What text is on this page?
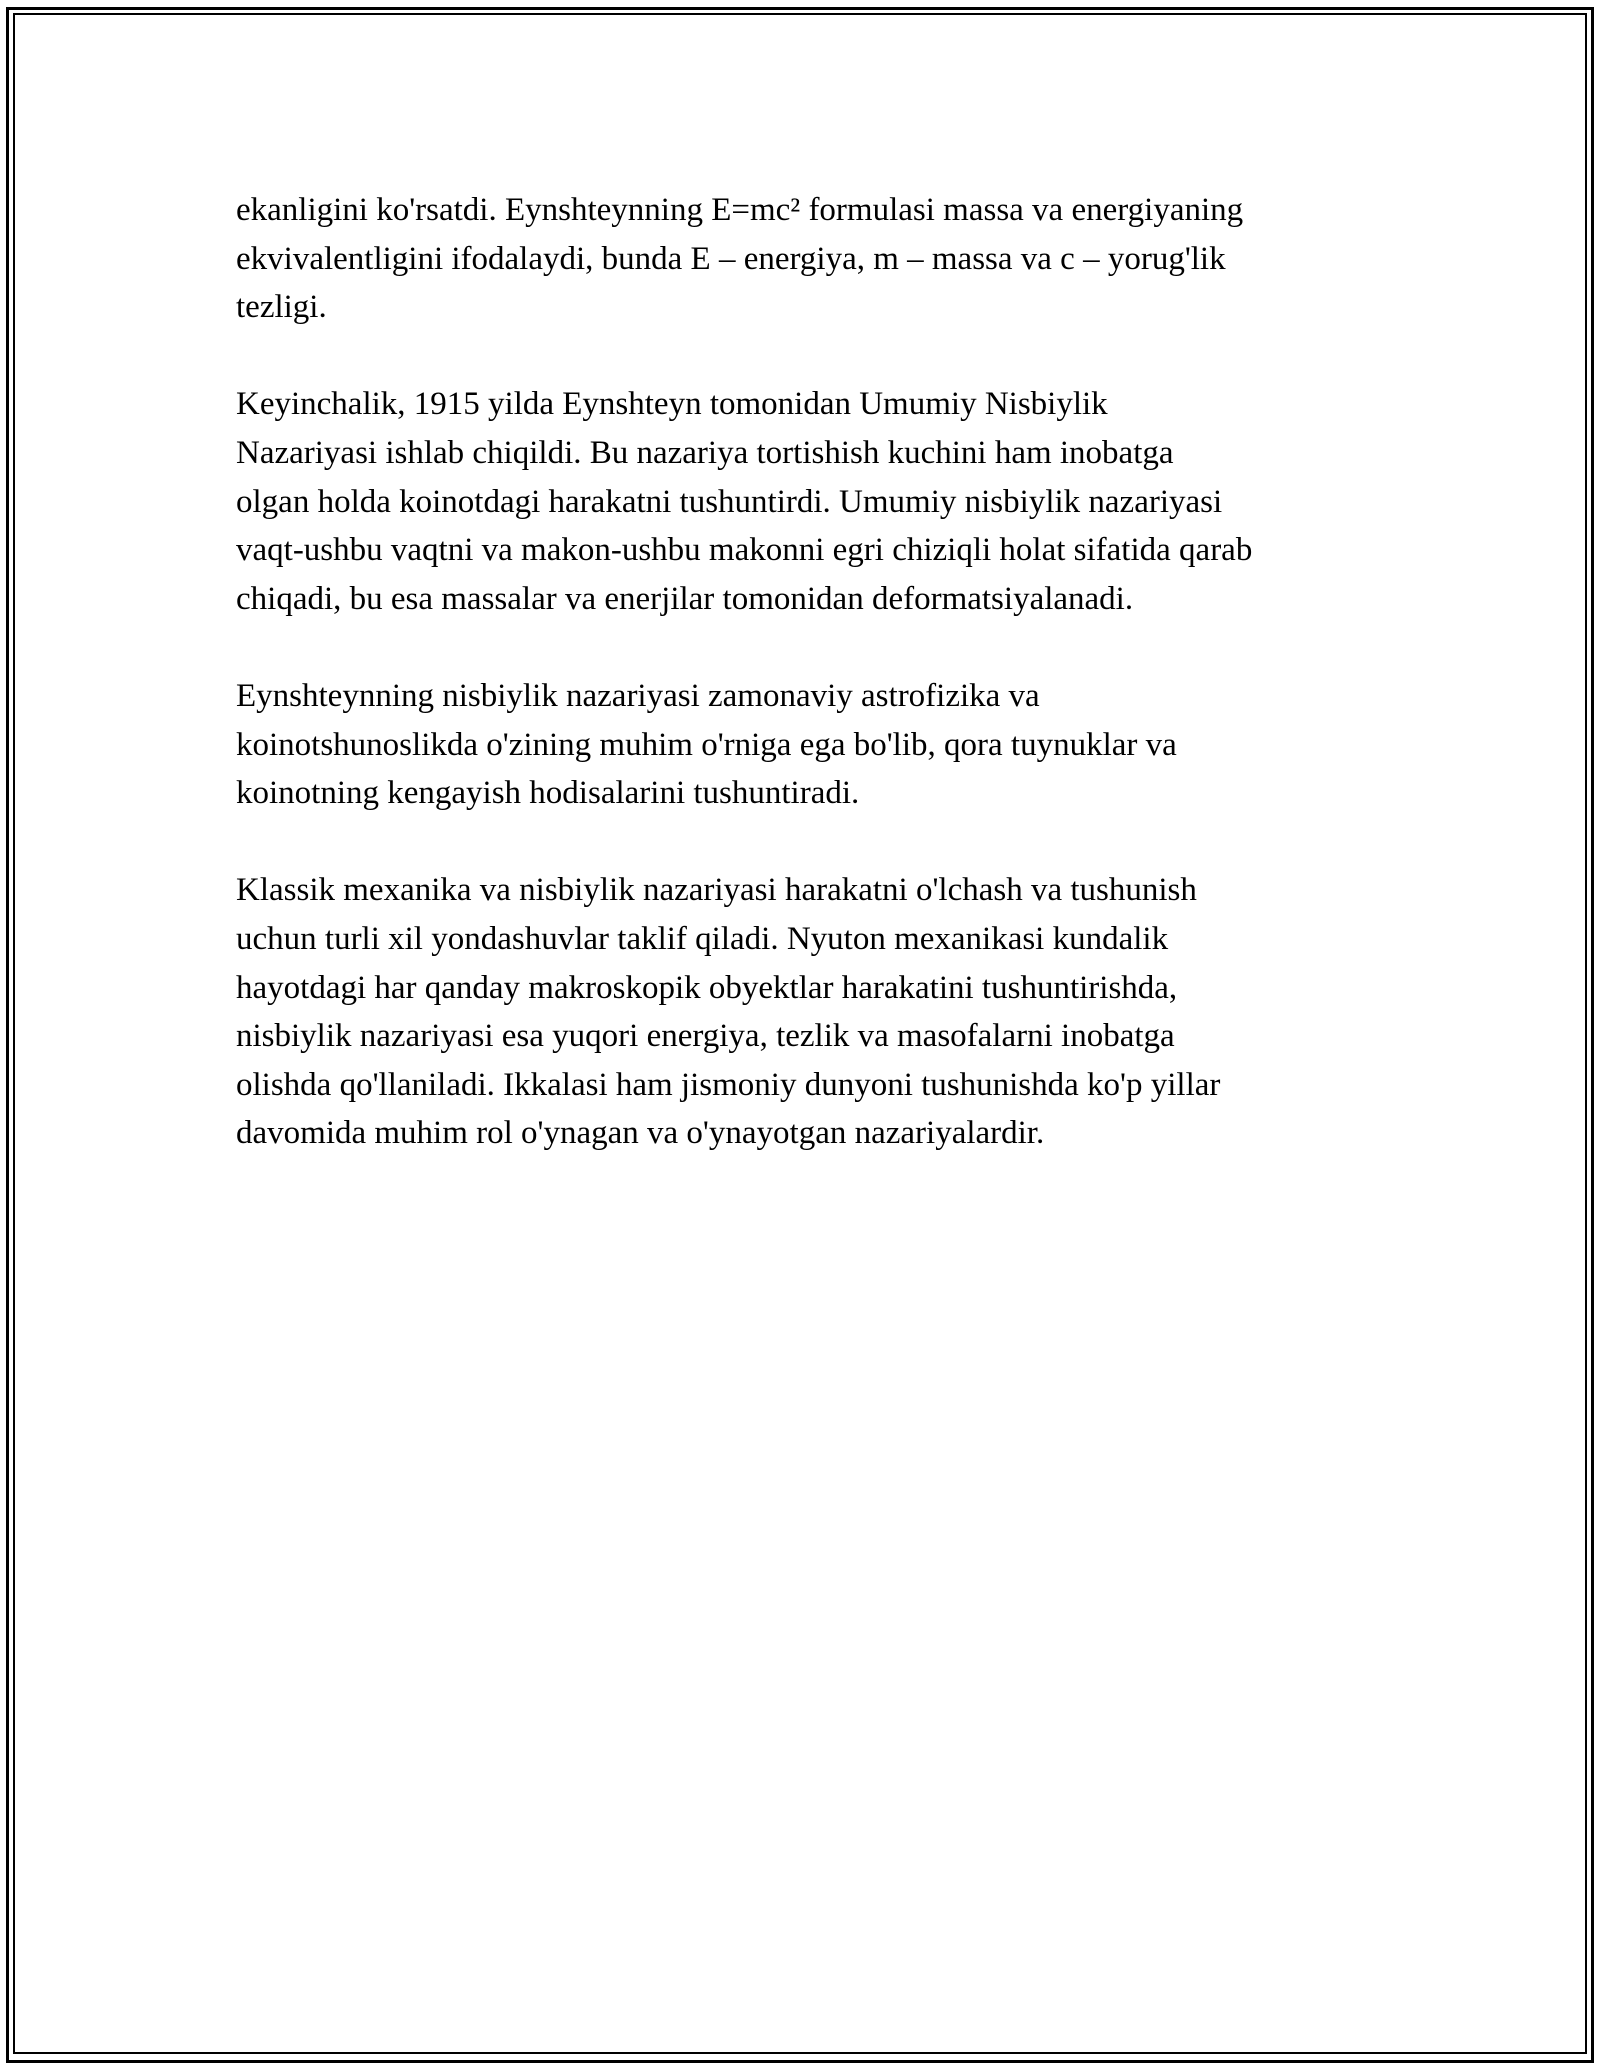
ekanligini ko'rsatdi. Eynshteynning E=mc² formulasi massa va energiyaning
ekvivalentligini ifodalaydi, bunda E – energiya, m – massa va c – yorug'lik
tezligi.

Keyinchalik, 1915 yilda Eynshteyn tomonidan Umumiy Nisbiylik
Nazariyasi ishlab chiqildi. Bu nazariya tortishish kuchini ham inobatga
olgan holda koinotdagi harakatni tushuntirdi. Umumiy nisbiylik nazariyasi
vaqt-ushbu vaqtni va makon-ushbu makonni egri chiziqli holat sifatida qarab
chiqadi, bu esa massalar va enerjilar tomonidan deformatsiyalanadi.

Eynshteynning nisbiylik nazariyasi zamonaviy astrofizika va
koinotshunoslikda o'zining muhim o'rniga ega bo'lib, qora tuynuklar va
koinotning kengayish hodisalarini tushuntiradi.

Klassik mexanika va nisbiylik nazariyasi harakatni o'lchash va tushunish
uchun turli xil yondashuvlar taklif qiladi. Nyuton mexanikasi kundalik
hayotdagi har qanday makroskopik obyektlar harakatini tushuntirishda,
nisbiylik nazariyasi esa yuqori energiya, tezlik va masofalarni inobatga
olishda qo'llaniladi. Ikkalasi ham jismoniy dunyoni tushunishda ko'p yillar
davomida muhim rol o'ynagan va o'ynayotgan nazariyalardir.
